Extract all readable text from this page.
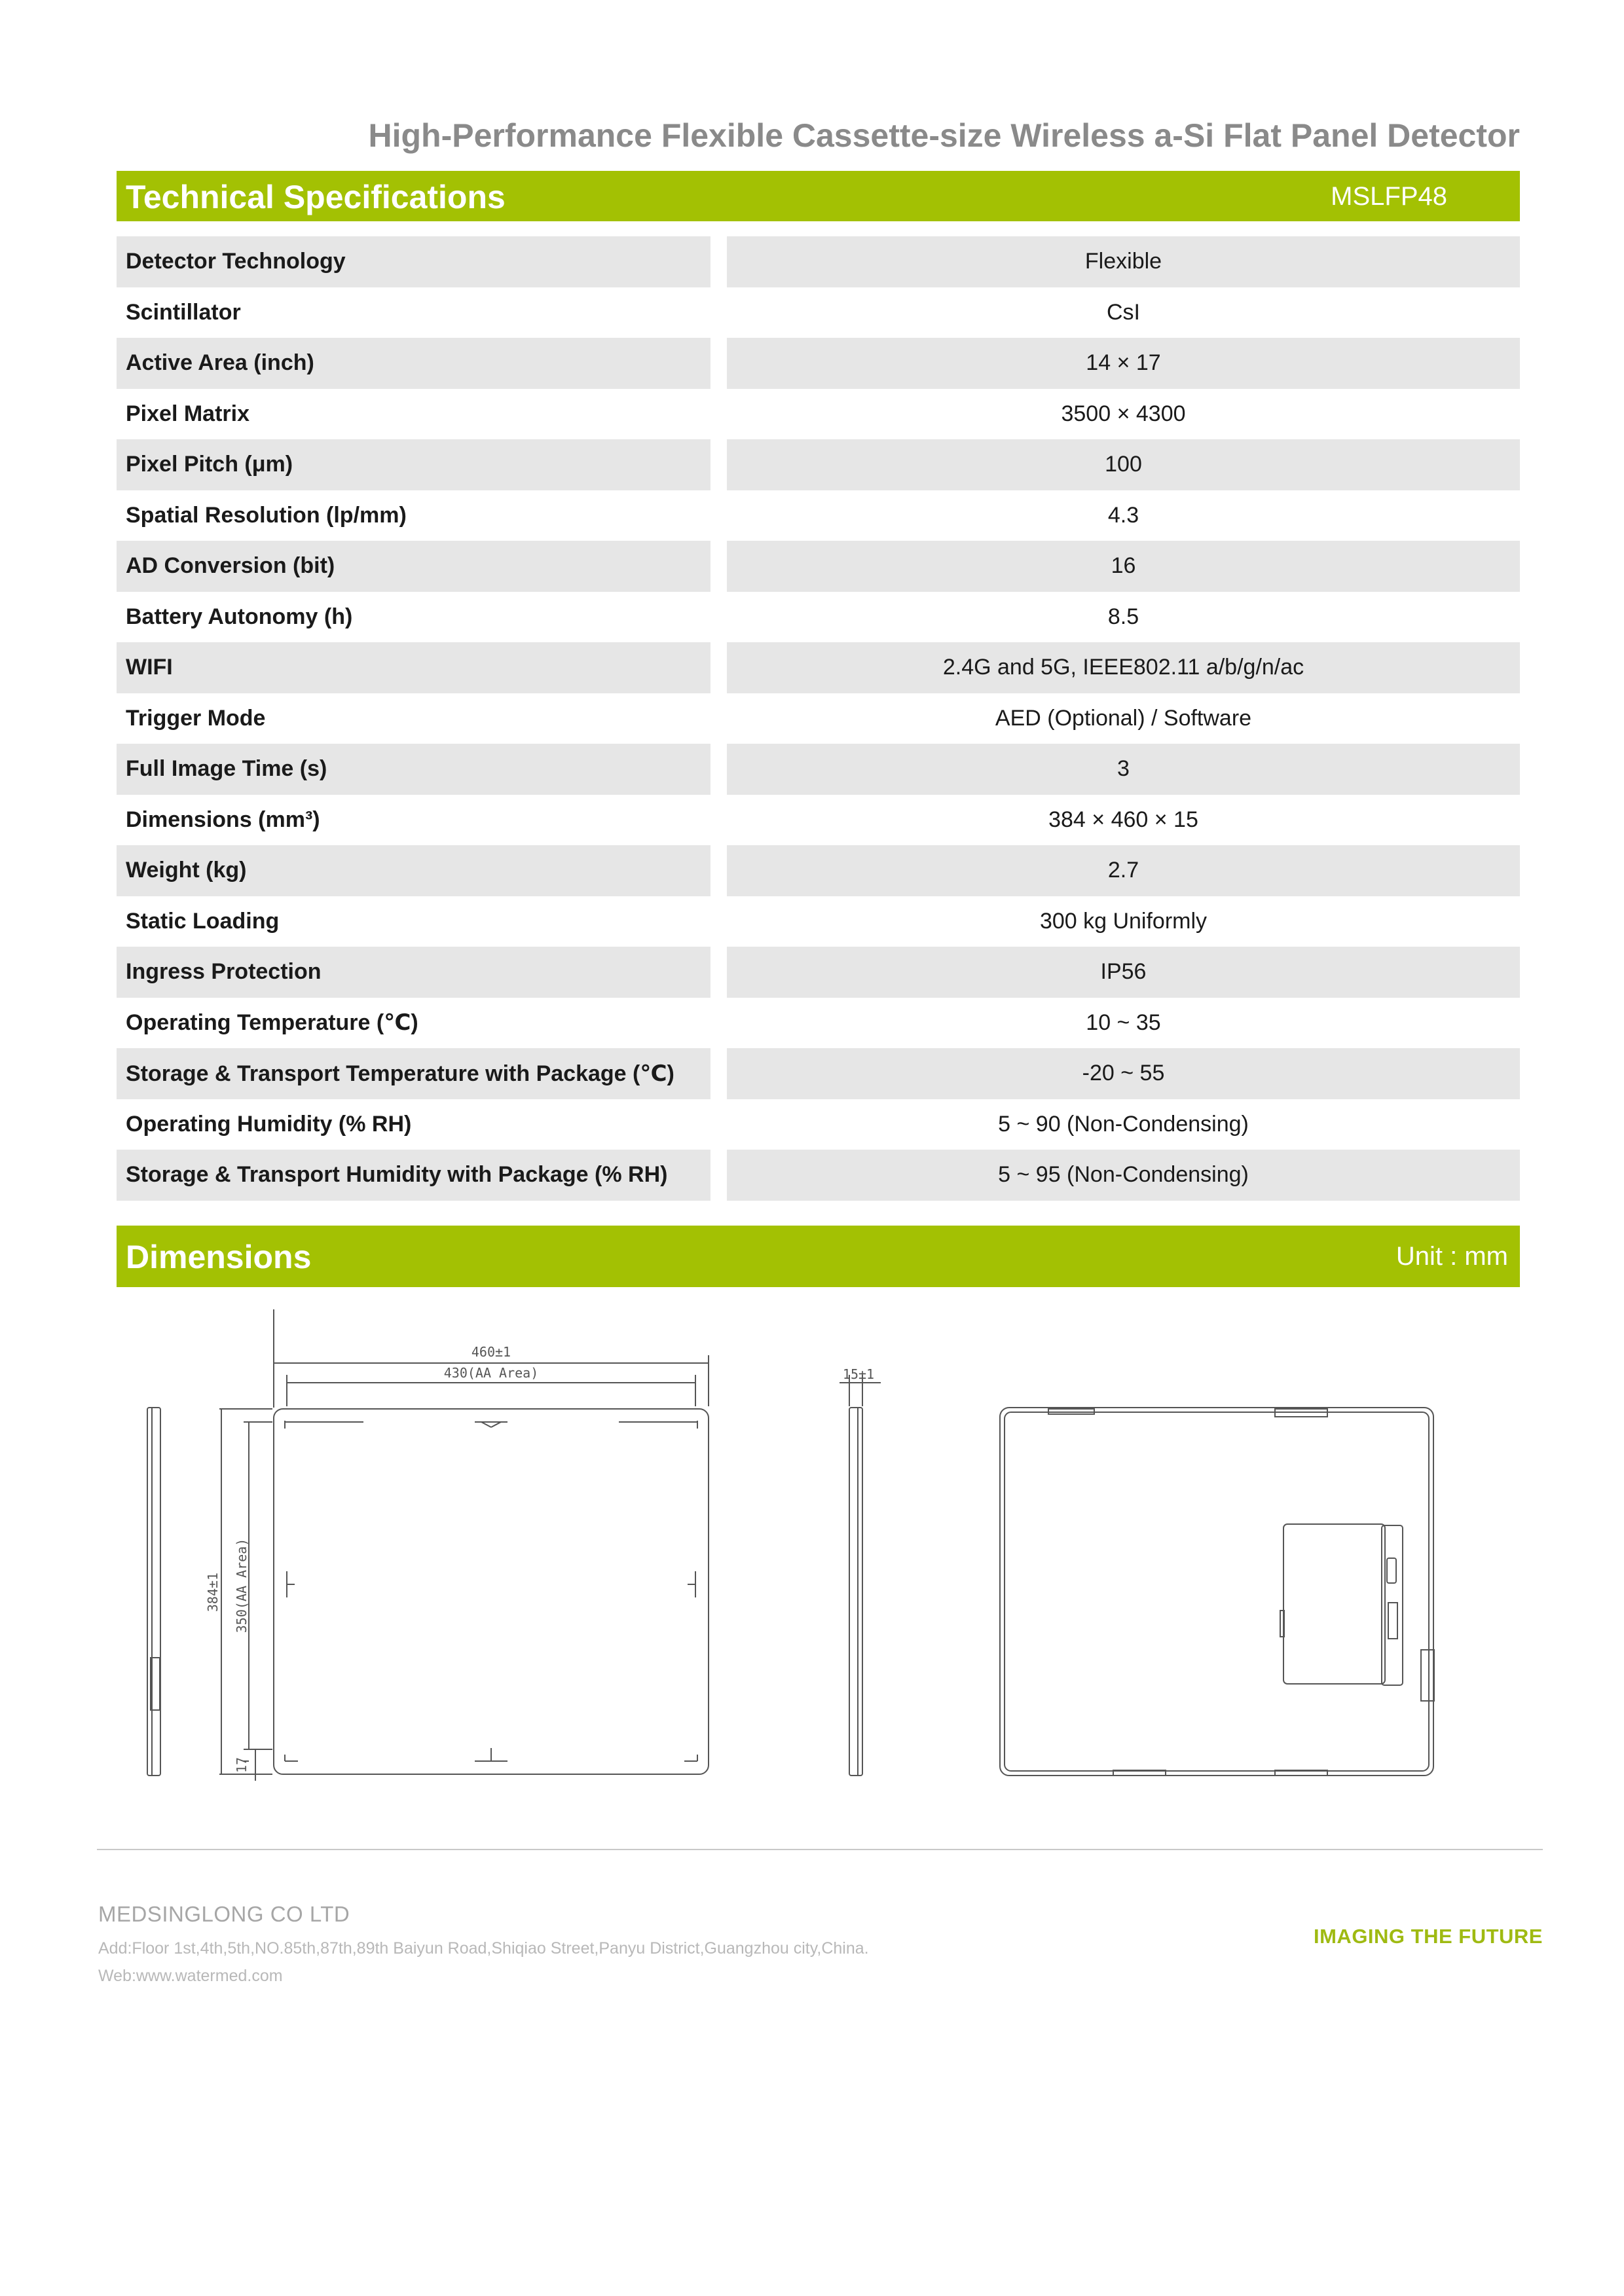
High-Performance Flexible Cassette-size Wireless a-Si Flat Panel Detector
Technical Specifications	MSLFP48
Detector Technology	Flexible
Scintillator	CsI
Active Area (inch)	14 × 17
Pixel Matrix	3500 × 4300
Pixel Pitch (μm)	100
Spatial Resolution (lp/mm)	4.3
AD Conversion (bit)	16
Battery Autonomy (h)	8.5
WIFI	2.4G and 5G, IEEE802.11 a/b/g/n/ac
Trigger Mode	AED (Optional) / Software
Full Image Time (s)	3
Dimensions (mm³)	384 × 460 × 15
Weight (kg)	2.7
Static Loading	300 kg Uniformly
Ingress Protection	IP56
Operating Temperature (℃)	10 ~ 35
Storage & Transport Temperature with Package (℃)	-20 ~ 55
Operating Humidity (% RH)	5 ~ 90 (Non-Condensing)
Storage & Transport Humidity with Package (% RH)	5 ~ 95 (Non-Condensing)
Dimensions	Unit : mm
460±1
430(AA Area)
384±1 350(AA Area)
17
15±1
MEDSINGLONG CO LTD
Add:Floor 1st,4th,5th,NO.85th,87th,89th Baiyun Road,Shiqiao Street,Panyu District,Guangzhou city,China.
Web:www.watermed.com
IMAGING THE FUTURE
